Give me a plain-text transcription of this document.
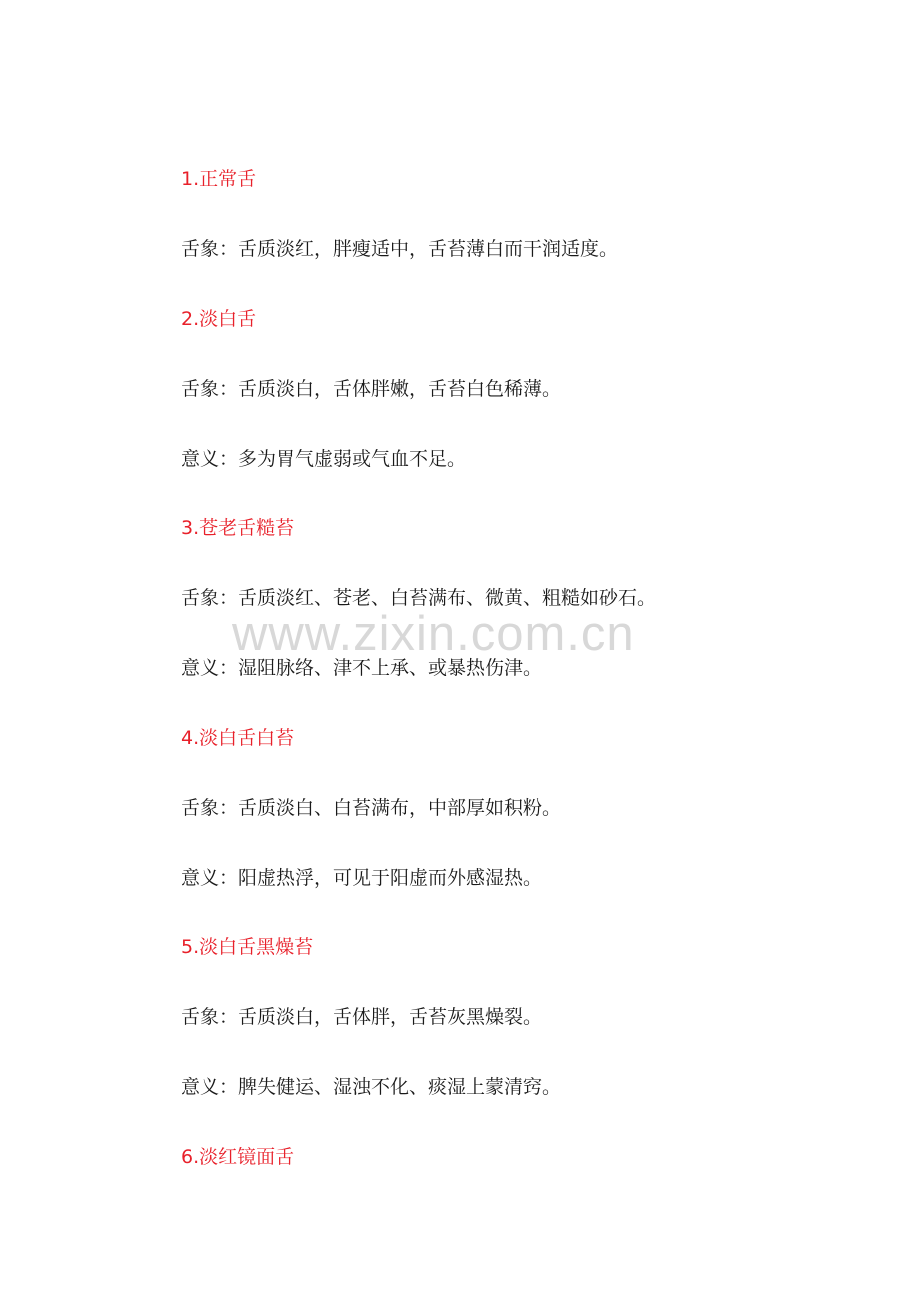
www.zixin.com.cn
1.正常舌
舌象：舌质淡红，胖瘦适中，舌苔薄白而干润适度。
2.淡白舌
舌象：舌质淡白，舌体胖嫩，舌苔白色稀薄。
意义：多为胃气虚弱或气血不足。
3.苍老舌糙苔
舌象：舌质淡红、苍老、白苔满布、微黄、粗糙如砂石。
意义：湿阻脉络、津不上承、或暴热伤津。
4.淡白舌白苔
舌象：舌质淡白、白苔满布，中部厚如积粉。
意义：阳虚热浮，可见于阳虚而外感湿热。
5.淡白舌黑燥苔
舌象：舌质淡白，舌体胖，舌苔灰黑燥裂。
意义：脾失健运、湿浊不化、痰湿上蒙清窍。
6.淡红镜面舌
